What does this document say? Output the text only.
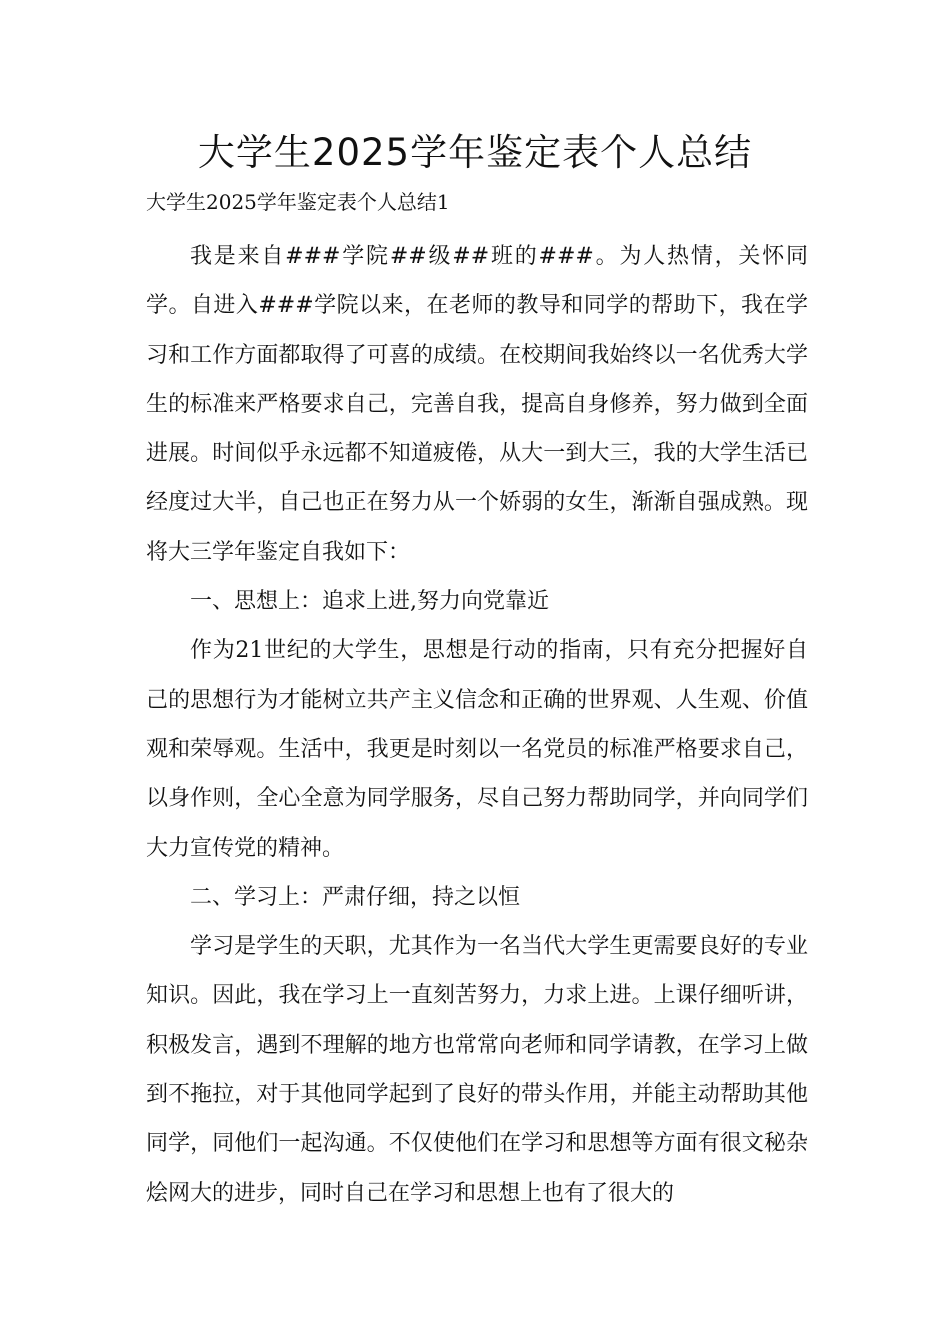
大学生2025学年鉴定表个人总结
大学生2025学年鉴定表个人总结1

我是来自###学院##级##班的###。为人热情，关怀同学。自进入###学院以来，在老师的教导和同学的帮助下，我在学习和工作方面都取得了可喜的成绩。在校期间我始终以一名优秀大学生的标准来严格要求自己，完善自我，提高自身修养，努力做到全面进展。时间似乎永远都不知道疲倦，从大一到大三，我的大学生活已经度过大半，自己也正在努力从一个娇弱的女生，渐渐自强成熟。现将大三学年鉴定自我如下：

一、思想上：追求上进,努力向党靠近

作为21世纪的大学生，思想是行动的指南，只有充分把握好自己的思想行为才能树立共产主义信念和正确的世界观、人生观、价值观和荣辱观。生活中，我更是时刻以一名党员的标准严格要求自己，以身作则，全心全意为同学服务，尽自己努力帮助同学，并向同学们大力宣传党的精神。

二、学习上：严肃仔细，持之以恒

学习是学生的天职，尤其作为一名当代大学生更需要良好的专业知识。因此，我在学习上一直刻苦努力，力求上进。上课仔细听讲，积极发言，遇到不理解的地方也常常向老师和同学请教，在学习上做到不拖拉，对于其他同学起到了良好的带头作用，并能主动帮助其他同学，同他们一起沟通。不仅使他们在学习和思想等方面有很文秘杂烩网大的进步，同时自己在学习和思想上也有了很大的
